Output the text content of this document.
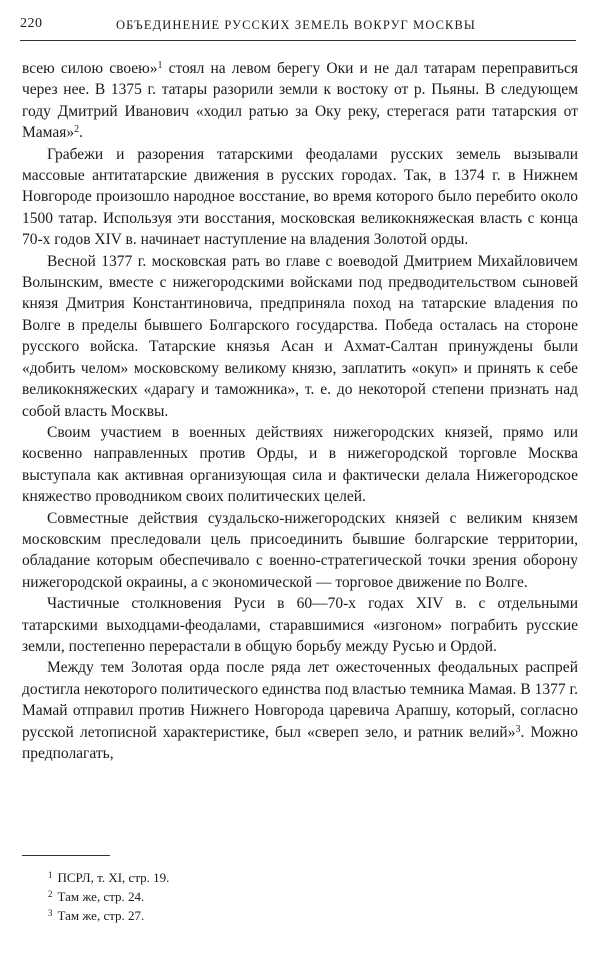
220	ОБЪЕДИНЕНИЕ РУССКИХ ЗЕМЕЛЬ ВОКРУГ МОСКВЫ

всею силою своею»$^1$ стоял на левом берегу Оки и не дал татарам переправиться через нее. В 1375 г. татары разорили земли к востоку от р. Пьяны. В следующем году Дмитрий Иванович «ходил ратью за Оку реку, стерегася рати татарския от Мамая»$^2$.

Грабежи и разорения татарскими феодалами русских земель вызывали массовые антитатарские движения в русских городах. Так, в 1374 г. в Нижнем Новгороде произошло народное восстание, во время которого было перебито около 1500 татар. Используя эти восстания, московская великокняжеская власть с конца 70-х годов XIV в. начинает наступление на владения Золотой орды.

Весной 1377 г. московская рать во главе с воеводой Дмитрием Михайловичем Волынским, вместе с нижегородскими войсками под предводительством сыновей князя Дмитрия Константиновича, предприняла поход на татарские владения по Волге в пределы бывшего Болгарского государства. Победа осталась на стороне русского войска. Татарские князья Асан и Ахмат-Салтан принуждены были «добить челом» московскому великому князю, заплатить «окуп» и принять к себе великокняжеских «дарагу и таможника», т. е. до некоторой степени признать над собой власть Москвы.

Своим участием в военных действиях нижегородских князей, прямо или косвенно направленных против Орды, и в нижегородской торговле Москва выступала как активная организующая сила и фактически делала Нижегородское княжество проводником своих политических целей.

Совместные действия суздальско-нижегородских князей с великим князем московским преследовали цель присоединить бывшие болгарские территории, обладание которым обеспечивало с военно-стратегической точки зрения оборону нижегородской окраины, а с экономической — торговое движение по Волге.

Частичные столкновения Руси в 60—70-х годах XIV в. с отдельными татарскими выходцами-феодалами, старавшимися «изгоном» пограбить русские земли, постепенно перерастали в общую борьбу между Русью и Ордой.

Между тем Золотая орда после ряда лет ожесточенных феодальных распрей достигла некоторого политического единства под властью темника Мамая. В 1377 г. Мамай отправил против Нижнего Новгорода царевича Арапшу, который, согласно русской летописной характеристике, был «свереп зело, и ратник велий»$^3$. Можно предполагать,

$^1$ ПСРЛ, т. XI, стр. 19.

$^2$ Там же, стр. 24.

$^3$ Там же, стр. 27.
